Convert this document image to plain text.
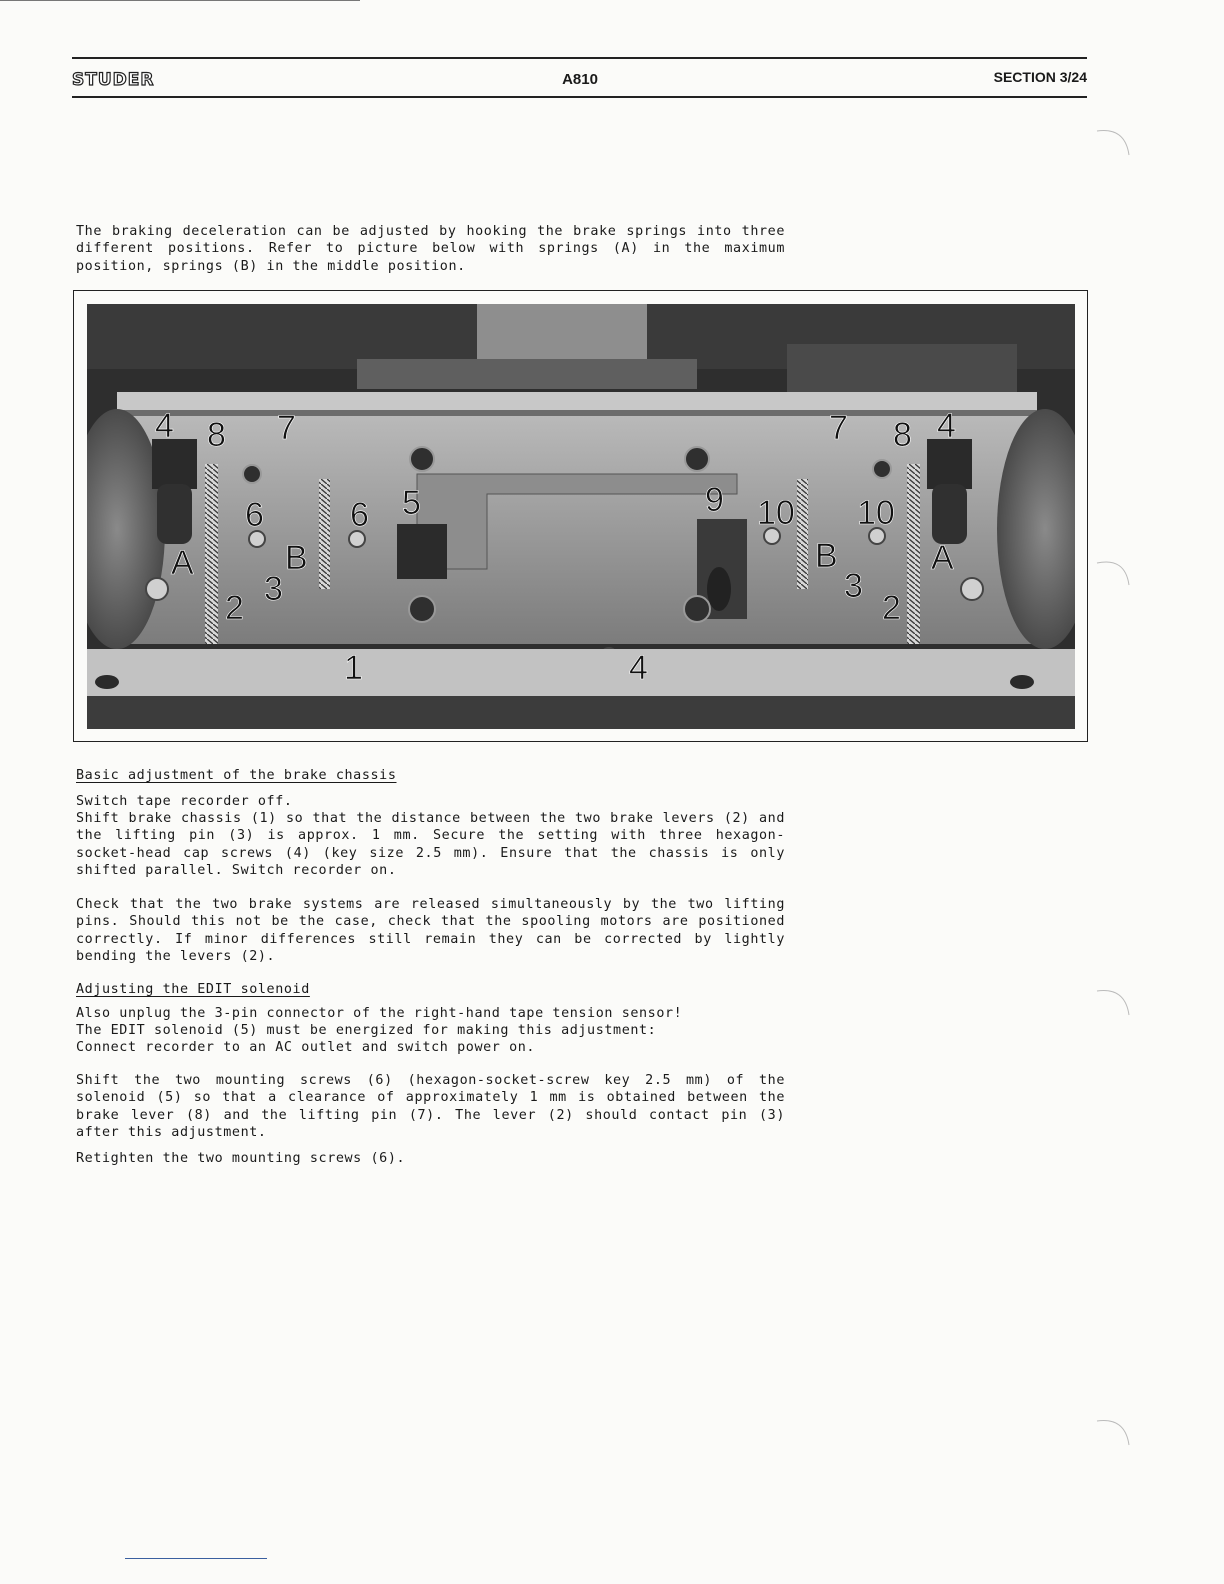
STUDER	A810	SECTION 3/24

The braking deceleration can be adjusted by hooking the brake springs into three different positions. Refer to picture below with springs (A) in the maximum position, springs (B) in the middle position.

4 8 7
6	6 5	9 10 10
7 8 4
A	B
3
2
1	4
B
3
2
A
Basic adjustment of the brake chassis

Switch tape recorder off.

Shift brake chassis (1) so that the distance between the two brake levers (2) and the lifting pin (3) is approx. 1 mm. Secure the setting with three hexagon-socket-head cap screws (4) (key size 2.5 mm). Ensure that the chassis is only shifted parallel. Switch recorder on.

Check that the two brake systems are released simultaneously by the two lifting pins. Should this not be the case, check that the spooling motors are positioned correctly. If minor differences still remain they can be corrected by lightly bending the levers (2).

Adjusting the EDIT solenoid

Also unplug the 3-pin connector of the right-hand tape tension sensor!

The EDIT solenoid (5) must be energized for making this adjustment:

Connect recorder to an AC outlet and switch power on.

Shift the two mounting screws (6) (hexagon-socket-screw key 2.5 mm) of the solenoid (5) so that a clearance of approximately 1 mm is obtained between the brake lever (8) and the lifting pin (7). The lever (2) should contact pin (3) after this adjustment.

Retighten the two mounting screws (6).
